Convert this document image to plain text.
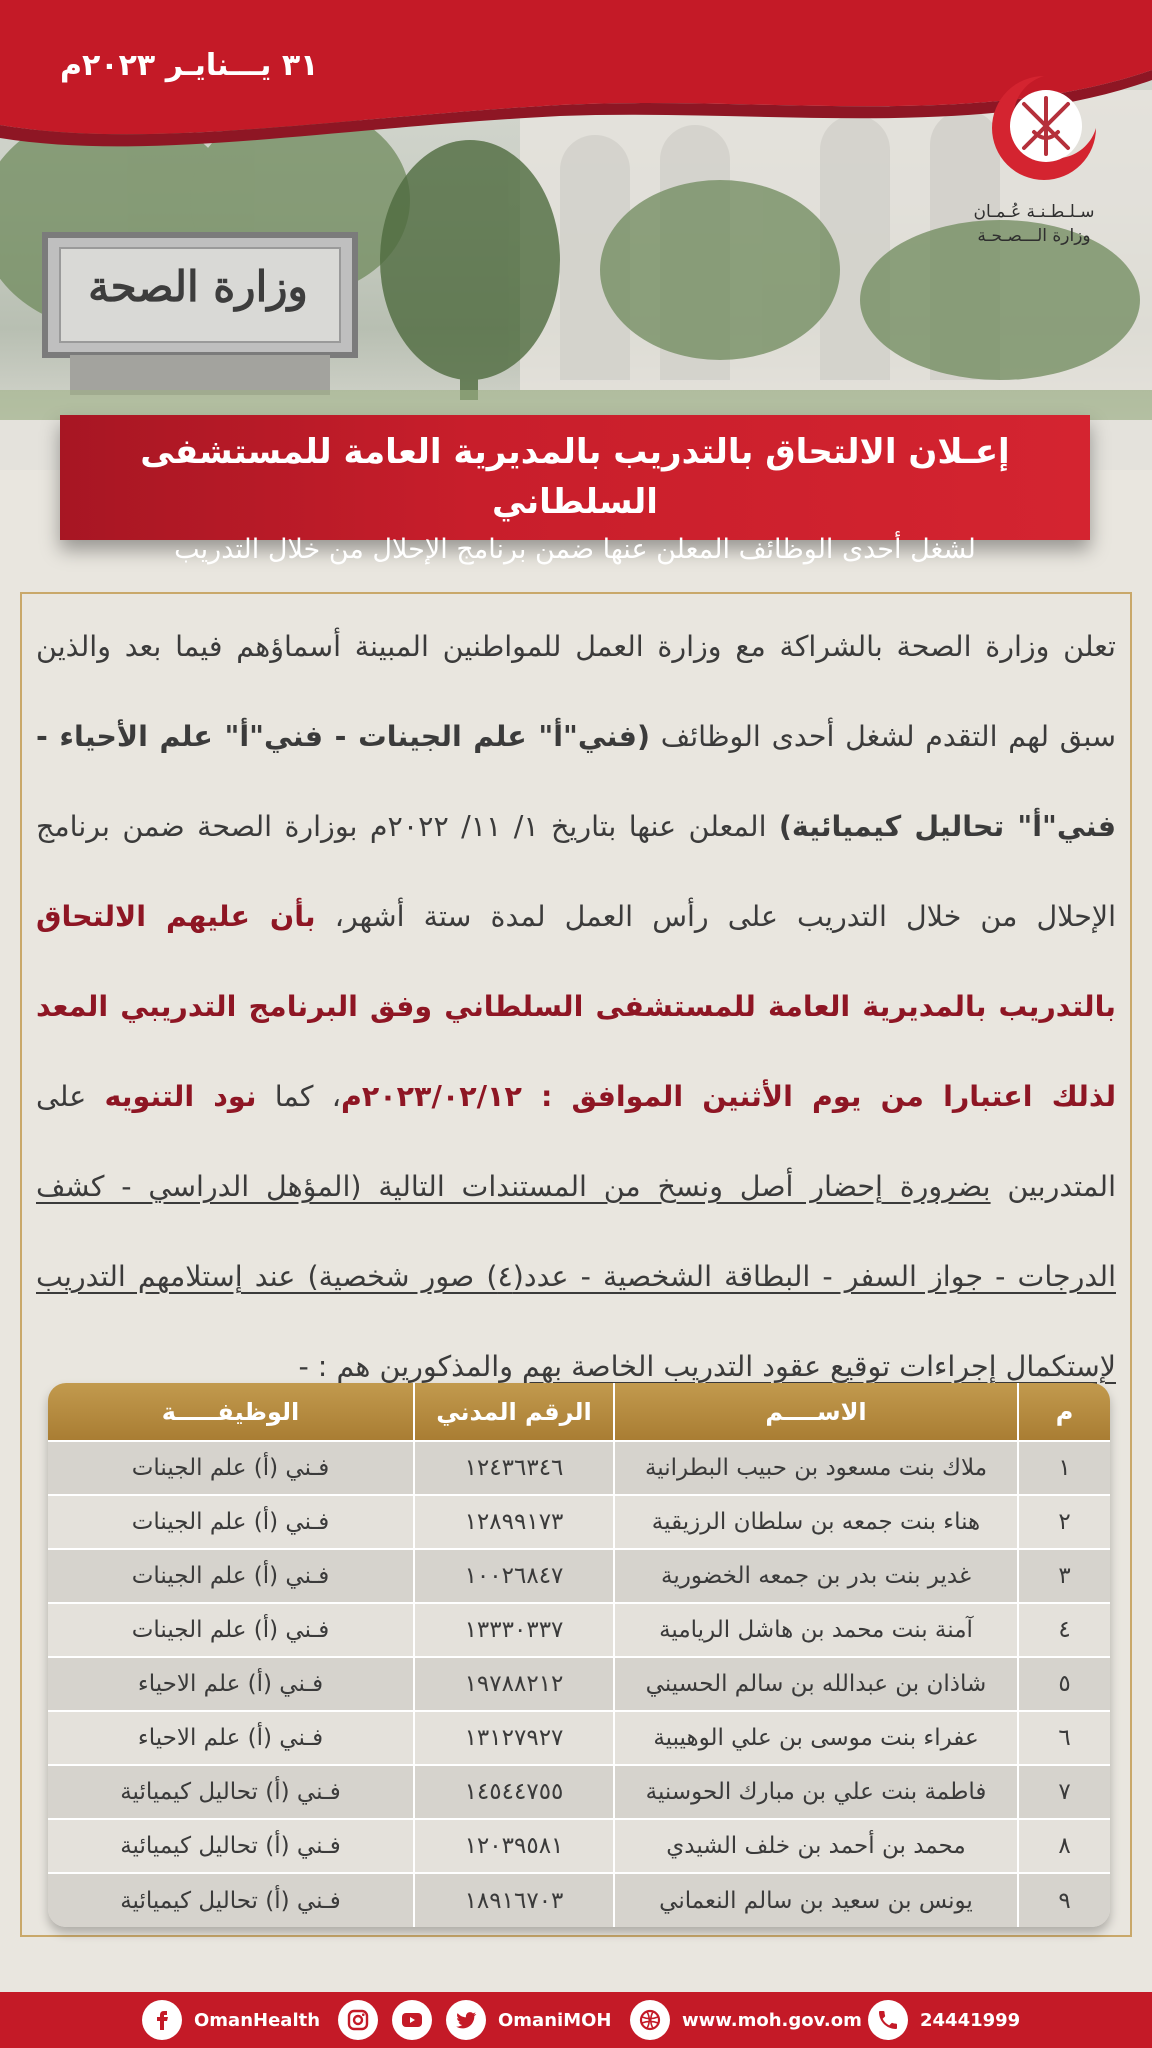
٣١ يـــنايـر ٢٠٢٣م
سـلـطـنـة عُـمـان
وزارة الـــصـحـة
وزارة الصحة
إعـلان الالتحاق بالتدريب بالمديرية العامة للمستشفى السلطاني
لشغل أحدى الوظائف المعلن عنها ضمن برنامج الإحلال من خلال التدريب
تعلن وزارة الصحة بالشراكة مع وزارة العمل للمواطنين المبينة أسماؤهم فيما بعد والذين سبق لهم التقدم لشغل أحدى الوظائف (فني"أ" علم الجينات - فني"أ" علم الأحياء - فني"أ" تحاليل كيميائية) المعلن عنها بتاريخ ١/ ١١/ ٢٠٢٢م بوزارة الصحة ضمن برنامج الإحلال من خلال التدريب على رأس العمل لمدة ستة أشهر، بأن عليهم الالتحاق بالتدريب بالمديرية العامة للمستشفى السلطاني وفق البرنامج التدريبي المعد لذلك اعتبارا من يوم الأثنين الموافق : ٢٠٢٣/٠٢/١٢م، كما نود التنويه على المتدربين بضرورة إحضار أصل ونسخ من المستندات التالية (المؤهل الدراسي - كشف الدرجات - جواز السفر - البطاقة الشخصية - عدد(٤) صور شخصية) عند إستلامهم التدريب لإستكمال إجراءات توقيع عقود التدريب الخاصة بهم والمذكورين هم : -
م	الاســــم	الرقم المدني	الوظيفـــــة
١	ملاك بنت مسعود بن حبيب البطرانية	١٢٤٣٦٣٤٦	فـني (أ) علم الجينات
٢	هناء بنت جمعه بن سلطان الرزيقية	١٢٨٩٩١٧٣	فـني (أ) علم الجينات
٣	غدير بنت بدر بن جمعه الخضورية	١٠٠٢٦٨٤٧	فـني (أ) علم الجينات
٤	آمنة بنت محمد بن هاشل الريامية	١٣٣٣٠٣٣٧	فـني (أ) علم الجينات
٥	شاذان بن عبدالله بن سالم الحسيني	١٩٧٨٨٢١٢	فـني (أ) علم الاحياء
٦	عفراء بنت موسى بن علي الوهيبية	١٣١٢٧٩٢٧	فـني (أ) علم الاحياء
٧	فاطمة بنت علي بن مبارك الحوسنية	١٤٥٤٤٧٥٥	فـني (أ) تحاليل كيميائية
٨	محمد بن أحمد بن خلف الشيدي	١٢٠٣٩٥٨١	فـني (أ) تحاليل كيميائية
٩	يونس بن سعيد بن سالم النعماني	١٨٩١٦٧٠٣	فـني (أ) تحاليل كيميائية
OmanHealth	OmaniMOH	www.moh.gov.om	24441999
